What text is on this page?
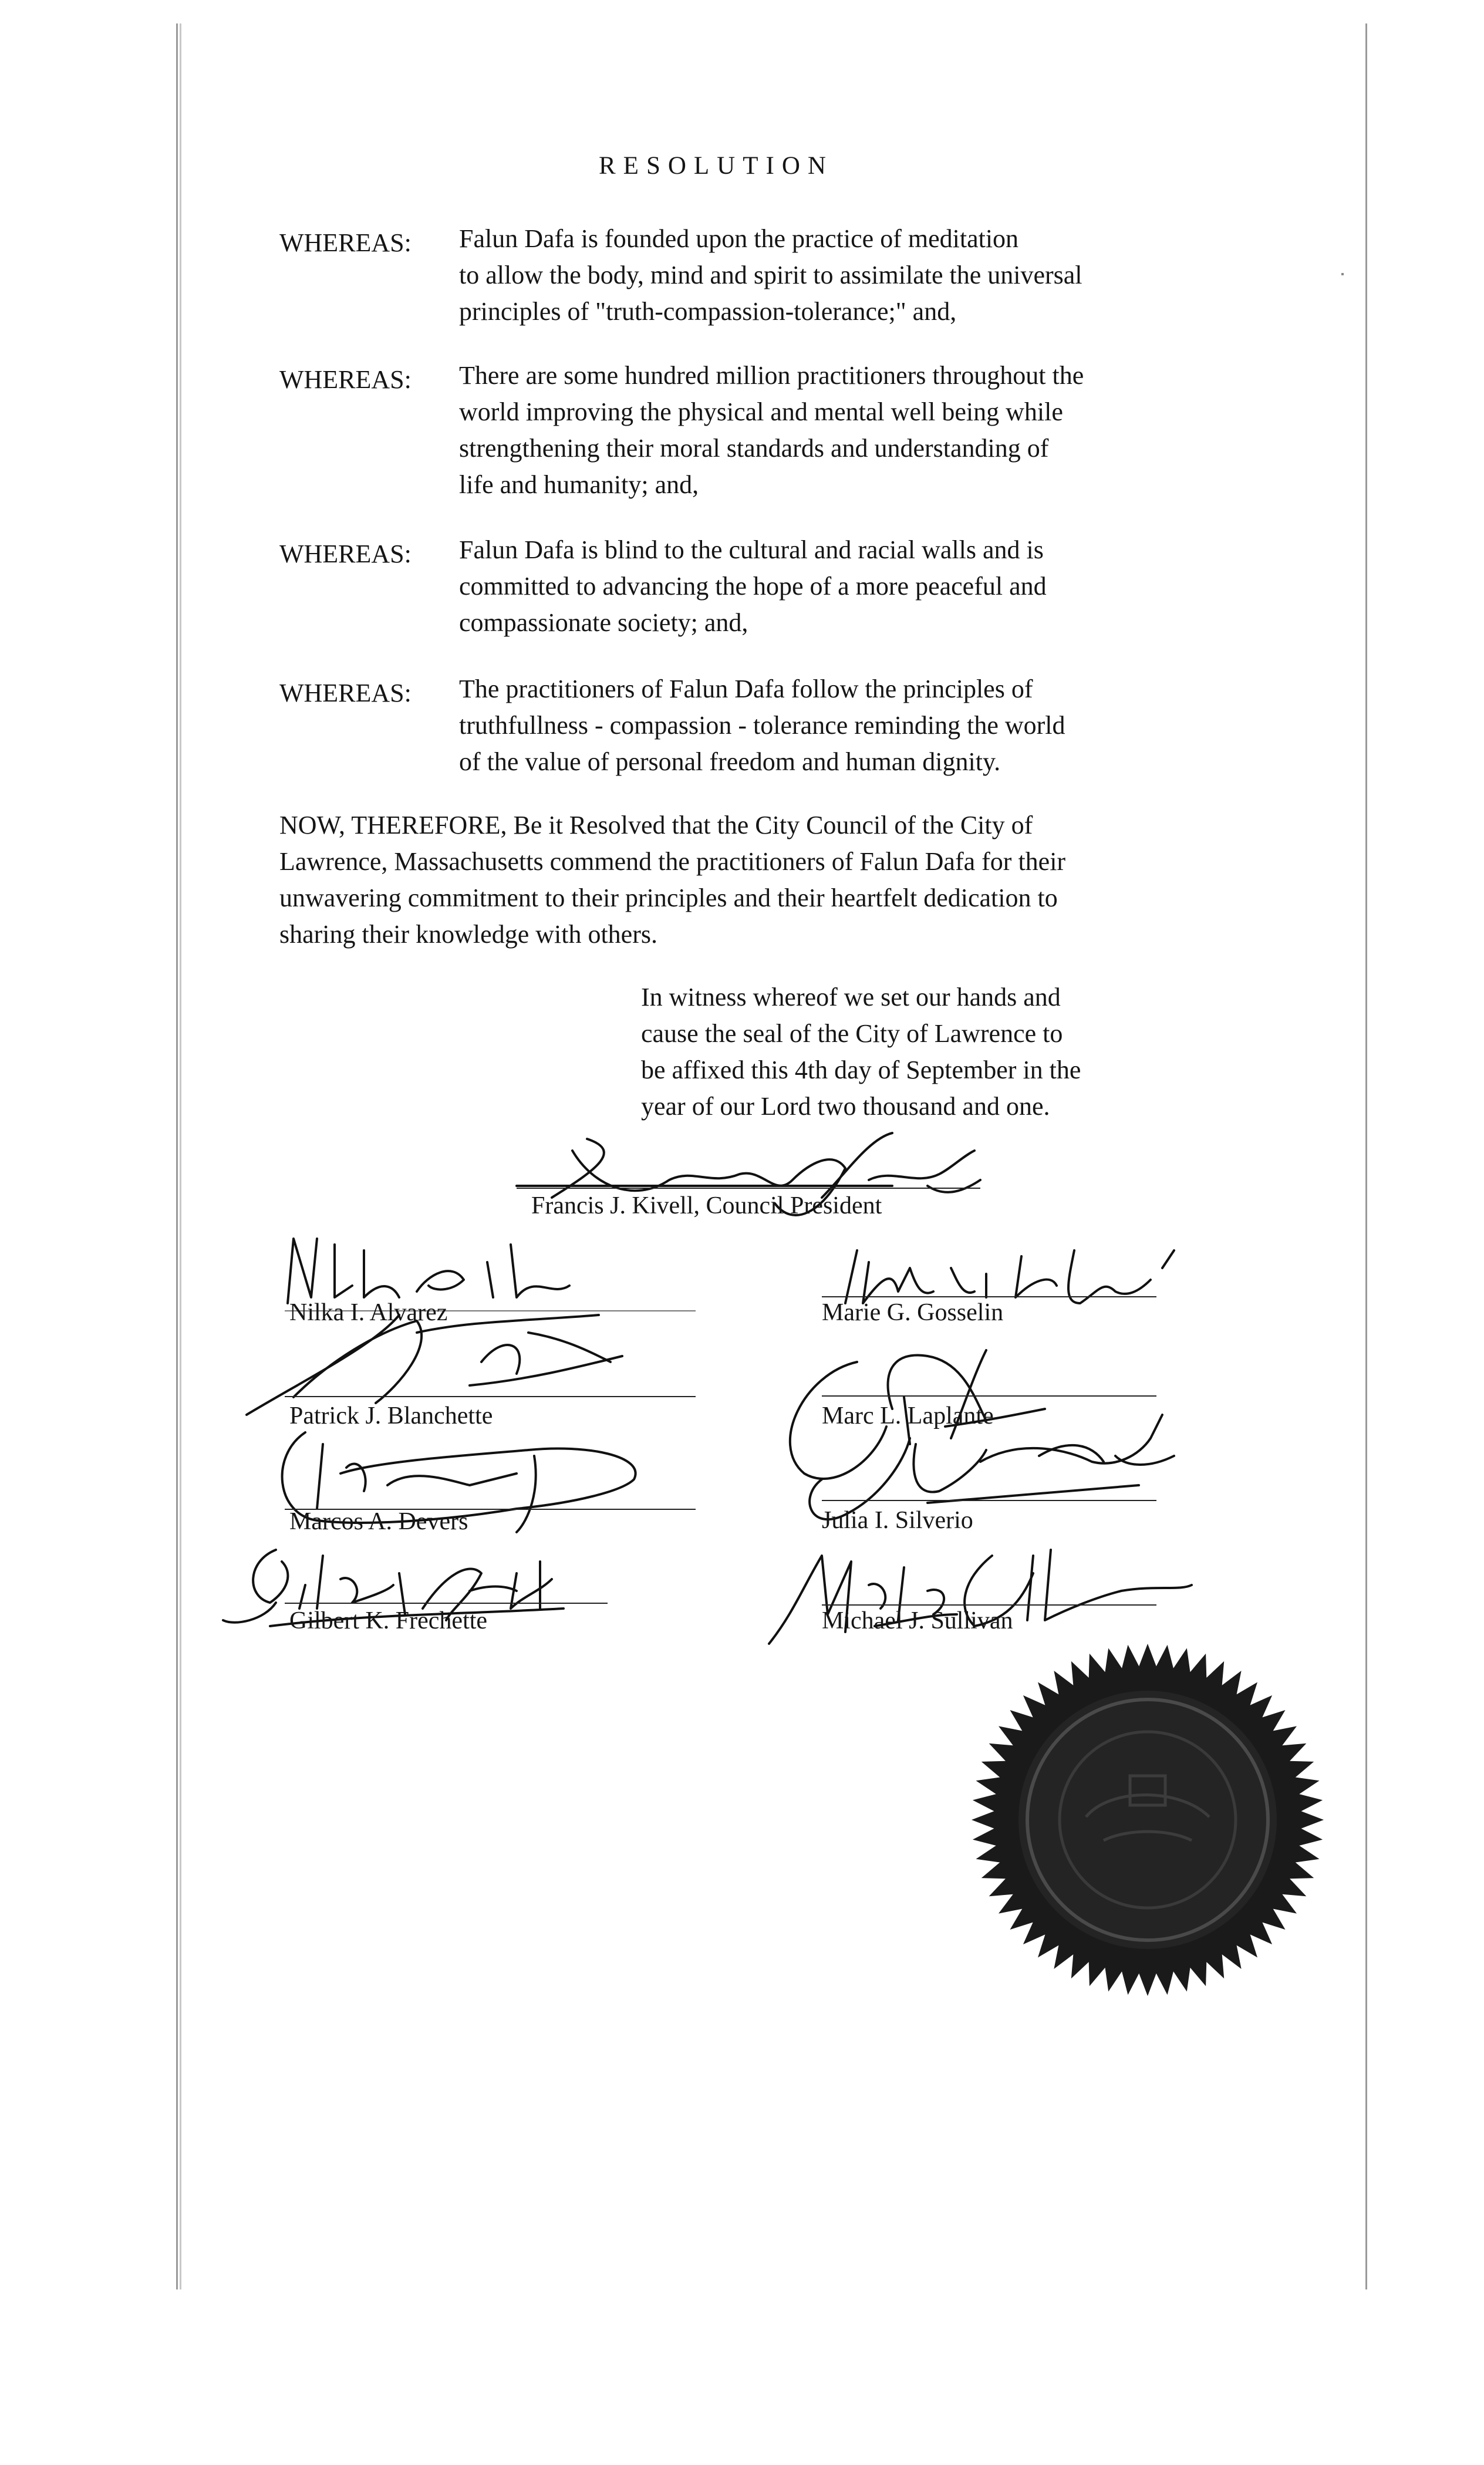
RESOLUTION
WHEREAS: Falun Dafa is founded upon the practice of meditation
to allow the body, mind and spirit to assimilate the universal
principles of "truth-compassion-tolerance;" and,
WHEREAS: There are some hundred million practitioners throughout the
world improving the physical and mental well being while
strengthening their moral standards and understanding of
life and humanity; and,
WHEREAS: Falun Dafa is blind to the cultural and racial walls and is
committed to advancing the hope of a more peaceful and
compassionate society; and,
WHEREAS: The practitioners of Falun Dafa follow the principles of
truthfullness - compassion - tolerance reminding the world
of the value of personal freedom and human dignity.
NOW, THEREFORE, Be it Resolved that the City Council of the City of
Lawrence, Massachusetts commend the practitioners of Falun Dafa for their
unwavering commitment to their principles and their heartfelt dedication to
sharing their knowledge with others.
In witness whereof we set our hands and
cause the seal of the City of Lawrence to
be affixed this 4th day of September in the
year of our Lord two thousand and one.
Francis J. Kivell, Council President
Nilka I. Alvarez
Patrick J. Blanchette
Marcos A. Devers
Gilbert K. Frechette
Marie G. Gosselin
Marc L. Laplante
Julia I. Silverio
Michael J. Sullivan
